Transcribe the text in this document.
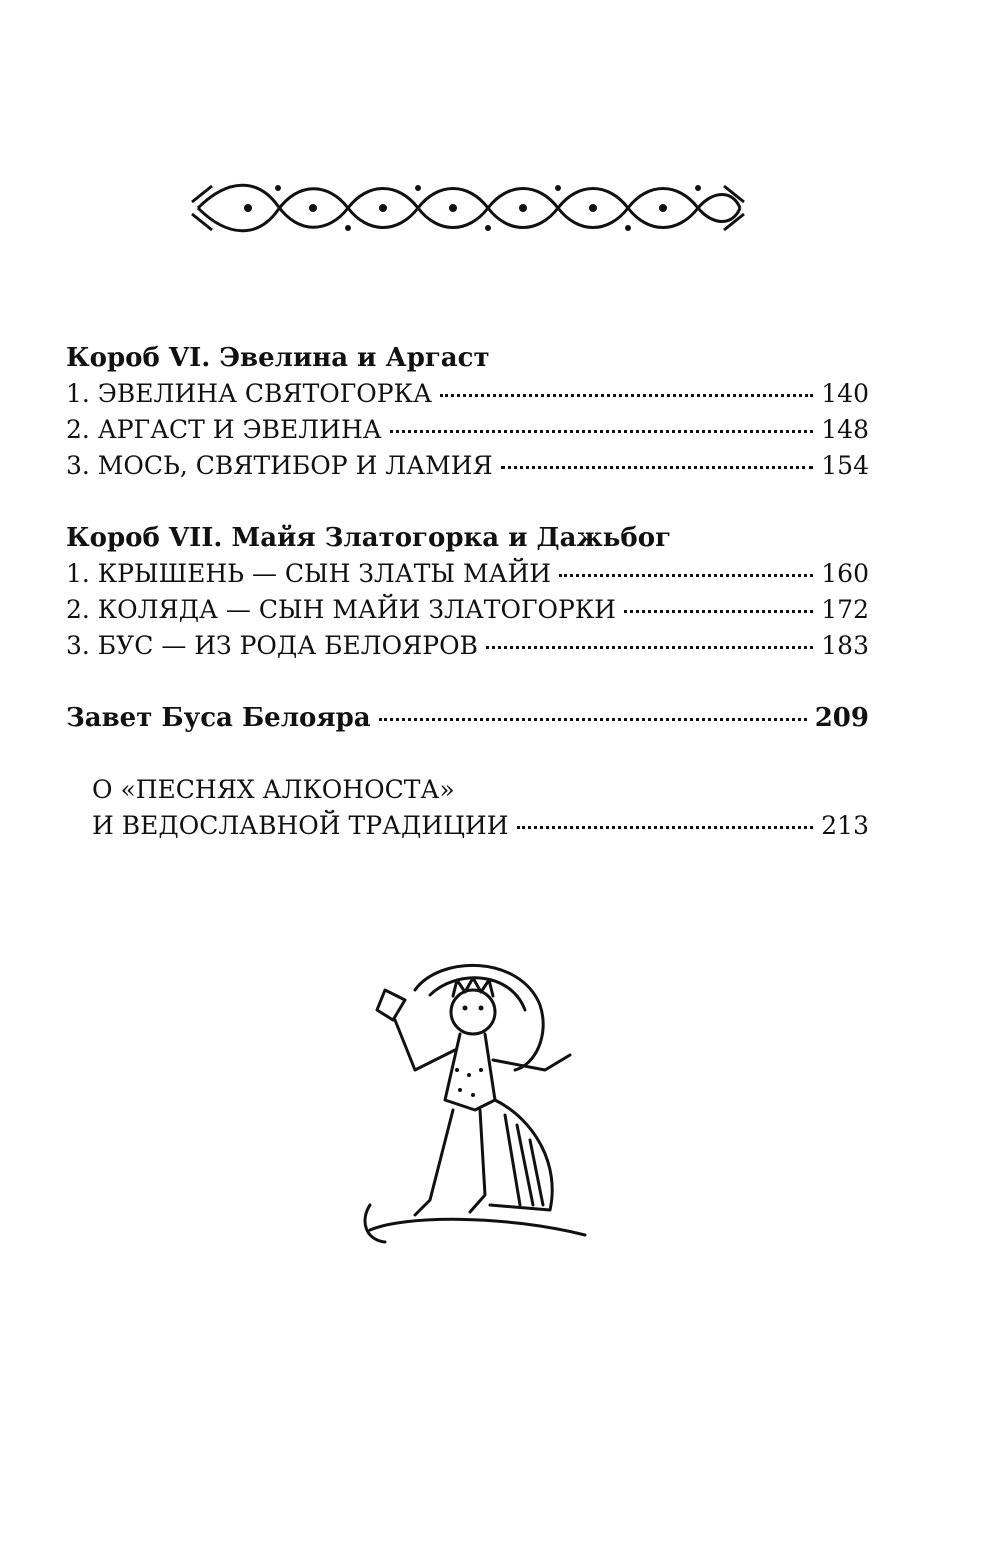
Короб VI. Эвелина и Аргаст

1. ЭВЕЛИНА СВЯТОГОРКА	140
2. АРГАСТ И ЭВЕЛИНА	148
3. МОСЬ, СВЯТИБОР И ЛАМИЯ	154

Короб VII. Майя Златогорка и Дажьбог

1. КРЫШЕНЬ — СЫН ЗЛАТЫ МАЙИ	160
2. КОЛЯДА — СЫН МАЙИ ЗЛАТОГОРКИ	172
3. БУС — ИЗ РОДА БЕЛОЯРОВ	183
Завет Буса Белояра	209
О «ПЕСНЯХ АЛКОНОСТА»
И ВЕДОСЛАВНОЙ ТРАДИЦИИ	213
